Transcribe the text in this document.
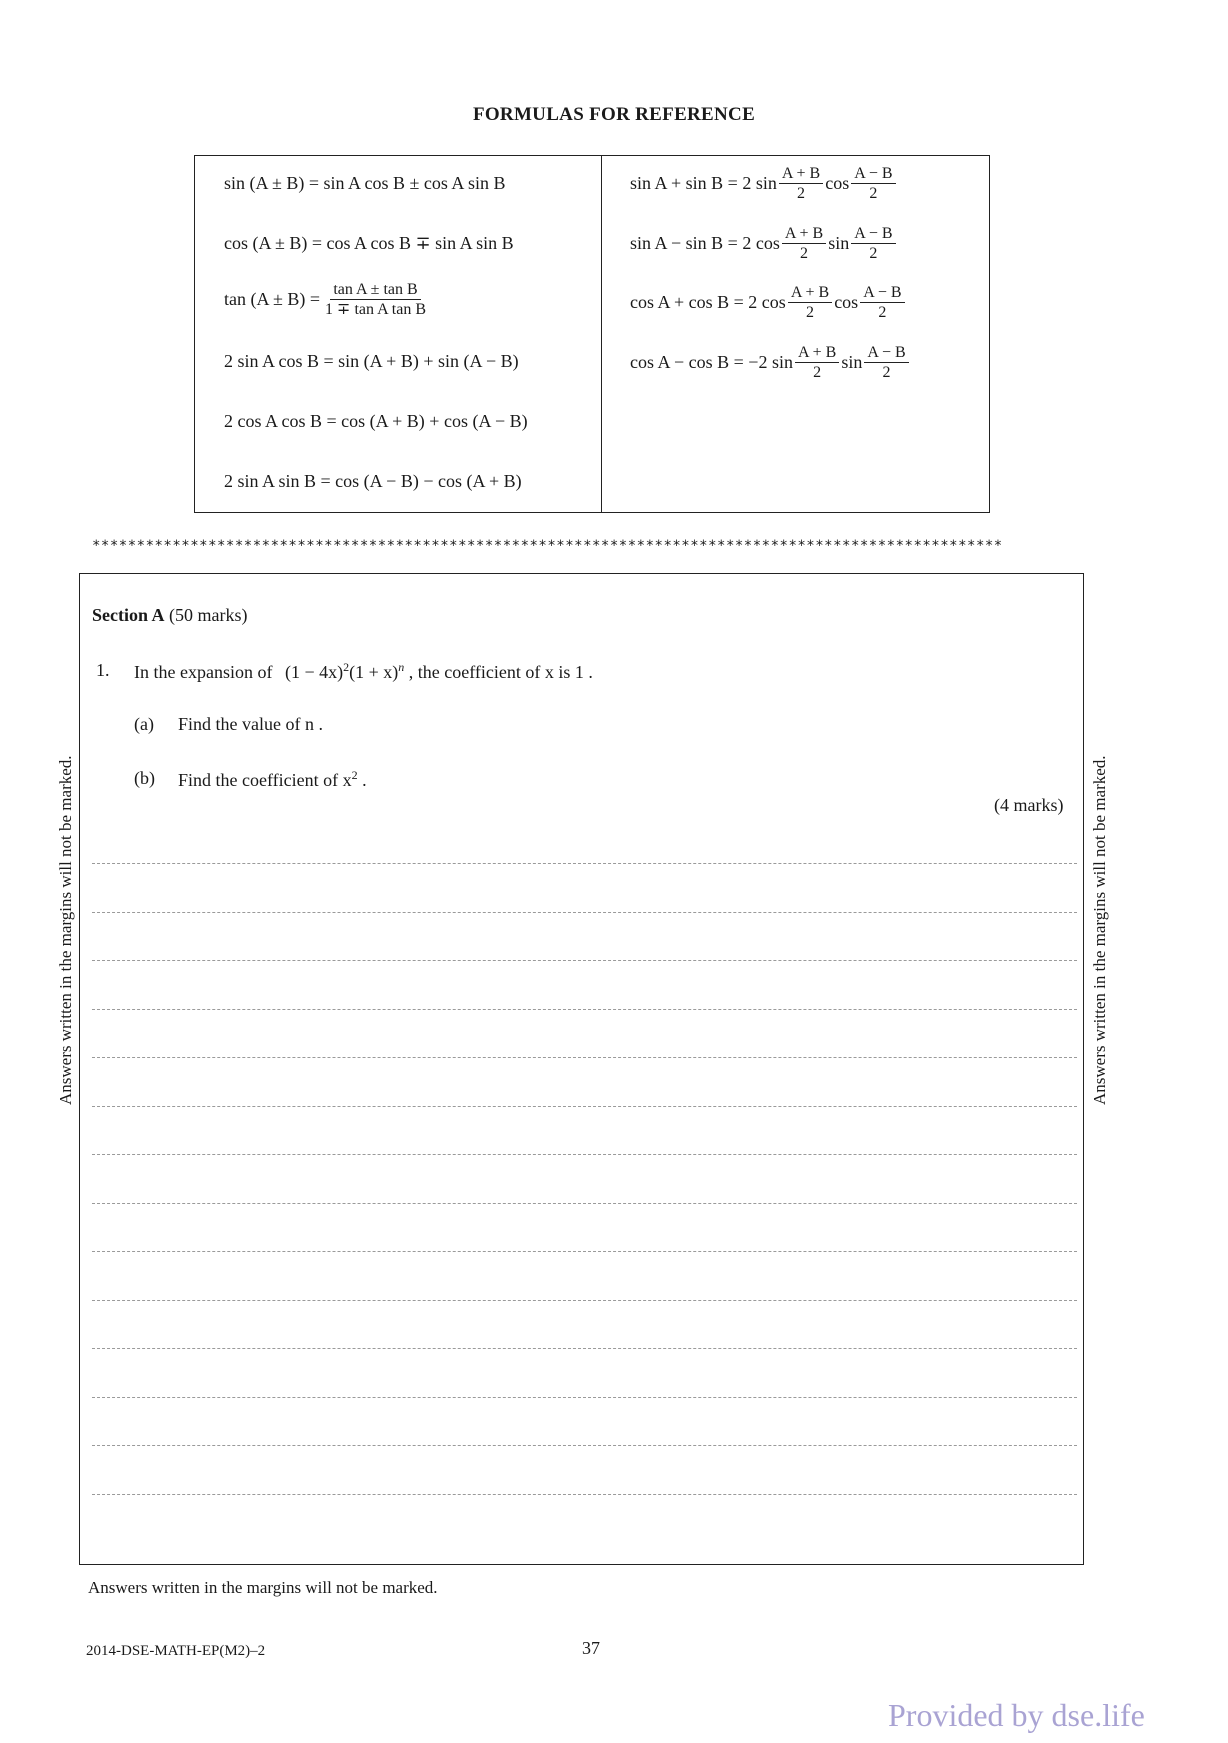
FORMULAS FOR REFERENCE
sin (A ± B) = sin A cos B ± cos A sin B
cos (A ± B) = cos A cos B ∓ sin A sin B
$\tan (A \pm B) = \frac{\text{tan A ± tan B}}{\text{1 ∓ tan A tan B}}$
2 sin A cos B = sin (A + B) + sin (A − B)
2 cos A cos B = cos (A + B) + cos (A − B)
2 sin A sin B = cos (A − B) − cos (A + B)
sin A + sin B = 2 $\sin \frac{A + B}{2}$ $\cos \frac{A - B}{2}$
sin A − sin B = 2 $\cos \frac{A + B}{2}$ $\sin \frac{A - B}{2}$
cos A + cos B = 2 $\cos \frac{A + B}{2}$ $\cos \frac{A - B}{2}$
cos A − cos B = −2 $\sin \frac{A + B}{2}$ $\sin \frac{A - B}{2}$
******************************************************************************************************
Section A (50 marks)
1. In the expansion of $(1 - 4x)^2(1 + x)^n$ , the coefficient of x is 1 .
(a) Find the value of n .
(b) Find the coefficient of $x^2$ .
(4 marks)
Answers written in the margins will not be marked.	Answers written in the margins will not be marked.
Answers written in the margins will not be marked.
2014-DSE-MATH-EP(M2)–2	37
Provided by dse.life
